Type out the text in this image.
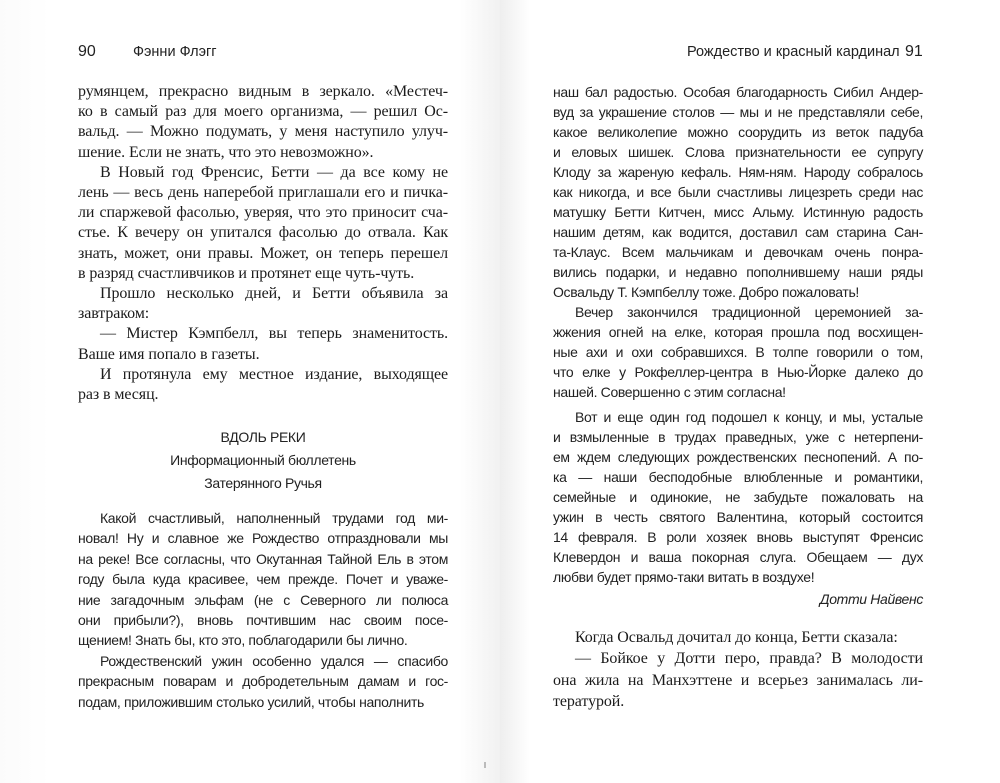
90	Фэнни Флэгг
румянцем, прекрасно видным в зеркало. «Местеч-
ко в самый раз для моего организма, — решил Ос-
вальд. — Можно подумать, у меня наступило улуч-
шение. Если не знать, что это невозможно».
В Новый год Френсис, Бетти — да все кому не
лень — весь день наперебой приглашали его и пичка-
ли спаржевой фасолью, уверяя, что это приносит сча-
стье. К вечеру он упитался фасолью до отвала. Как
знать, может, они правы. Может, он теперь перешел
в разряд счастливчиков и протянет еще чуть-чуть.
Прошло несколько дней, и Бетти объявила за
завтраком:
— Мистер Кэмпбелл, вы теперь знаменитость.
Ваше имя попало в газеты.
И протянула ему местное издание, выходящее
раз в месяц.
ВДОЛЬ РЕКИ
Информационный бюллетень
Затерянного Ручья
Какой счастливый, наполненный трудами год ми-
новал! Ну и славное же Рождество отпраздновали мы
на реке! Все согласны, что Окутанная Тайной Ель в этом
году была куда красивее, чем прежде. Почет и уваже-
ние загадочным эльфам (не с Северного ли полюса
они прибыли?), вновь почтившим нас своим посе-
щением! Знать бы, кто это, поблагодарили бы лично.
Рождественский ужин особенно удался — спасибо
прекрасным поварам и добродетельным дамам и гос-
подам, приложившим столько усилий, чтобы наполнить
Рождество и красный кардинал 91
наш бал радостью. Особая благодарность Сибил Андер-
вуд за украшение столов — мы и не представляли себе,
какое великолепие можно соорудить из веток падуба
и еловых шишек. Слова признательности ее супругу
Клоду за жареную кефаль. Ням-ням. Народу собралось
как никогда, и все были счастливы лицезреть среди нас
матушку Бетти Китчен, мисс Альму. Истинную радость
нашим детям, как водится, доставил сам старина Сан-
та-Клаус. Всем мальчикам и девочкам очень понра-
вились подарки, и недавно пополнившему наши ряды
Освальду Т. Кэмпбеллу тоже. Добро пожаловать!
Вечер закончился традиционной церемонией за-
жжения огней на елке, которая прошла под восхищен-
ные ахи и охи собравшихся. В толпе говорили о том,
что елке у Рокфеллер-центра в Нью-Йорке далеко до
нашей. Совершенно с этим согласна!
Вот и еще один год подошел к концу, и мы, усталые
и взмыленные в трудах праведных, уже с нетерпени-
ем ждем следующих рождественских песнопений. А по-
ка — наши бесподобные влюбленные и романтики,
семейные и одинокие, не забудьте пожаловать на
ужин в честь святого Валентина, который состоится
14 февраля. В роли хозяек вновь выступят Френсис
Клевердон и ваша покорная слуга. Обещаем — дух
любви будет прямо-таки витать в воздухе!
Дотти Найвенс
Когда Освальд дочитал до конца, Бетти сказала:
— Бойкое у Дотти перо, правда? В молодости
она жила на Манхэттене и всерьез занималась ли-
тературой.
